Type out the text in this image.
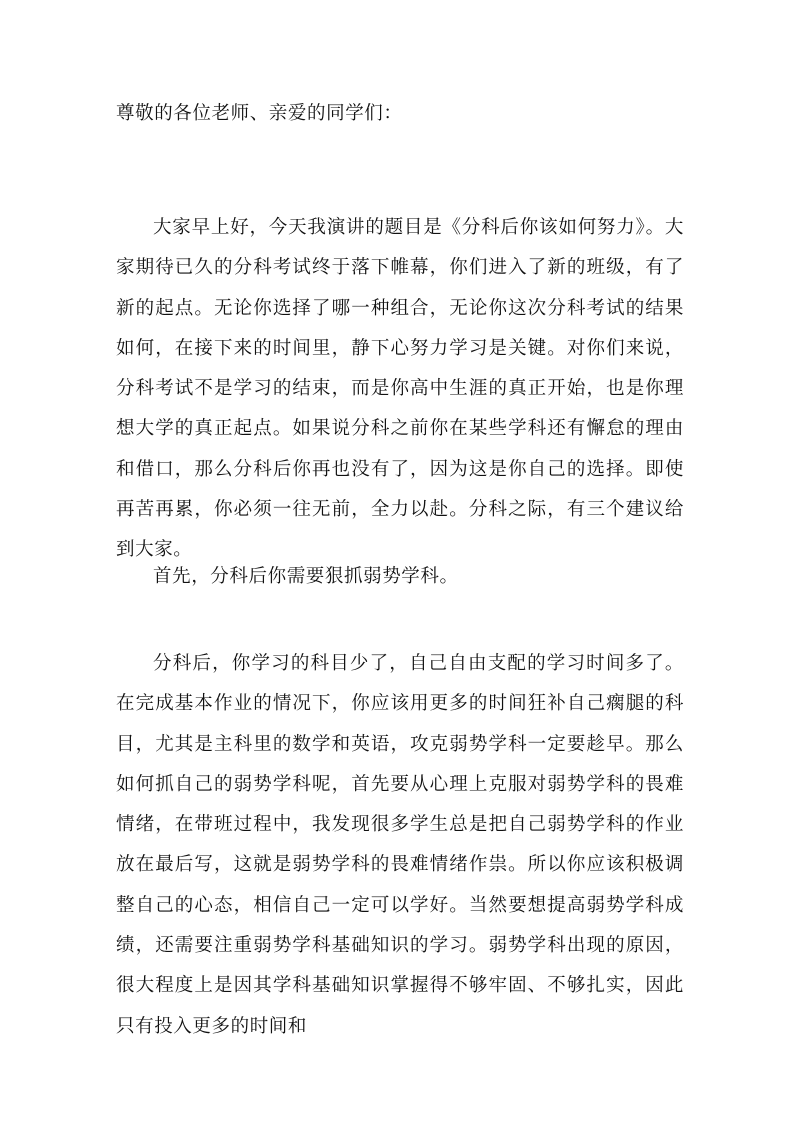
尊敬的各位老师、亲爱的同学们：

大家早上好，今天我演讲的题目是《分科后你该如何努力》。大家期待已久的分科考试终于落下帷幕，你们进入了新的班级，有了新的起点。无论你选择了哪一种组合，无论你这次分科考试的结果如何，在接下来的时间里，静下心努力学习是关键。对你们来说，分科考试不是学习的结束，而是你高中生涯的真正开始，也是你理想大学的真正起点。如果说分科之前你在某些学科还有懈怠的理由和借口，那么分科后你再也没有了，因为这是你自己的选择。即使再苦再累，你必须一往无前，全力以赴。分科之际，有三个建议给到大家。

首先，分科后你需要狠抓弱势学科。

分科后，你学习的科目少了，自己自由支配的学习时间多了。在完成基本作业的情况下，你应该用更多的时间狂补自己瘸腿的科目，尤其是主科里的数学和英语，攻克弱势学科一定要趁早。那么如何抓自己的弱势学科呢，首先要从心理上克服对弱势学科的畏难情绪，在带班过程中，我发现很多学生总是把自己弱势学科的作业放在最后写，这就是弱势学科的畏难情绪作祟。所以你应该积极调整自己的心态，相信自己一定可以学好。当然要想提高弱势学科成绩，还需要注重弱势学科基础知识的学习。弱势学科出现的原因，很大程度上是因其学科基础知识掌握得不够牢固、不够扎实，因此只有投入更多的时间和
